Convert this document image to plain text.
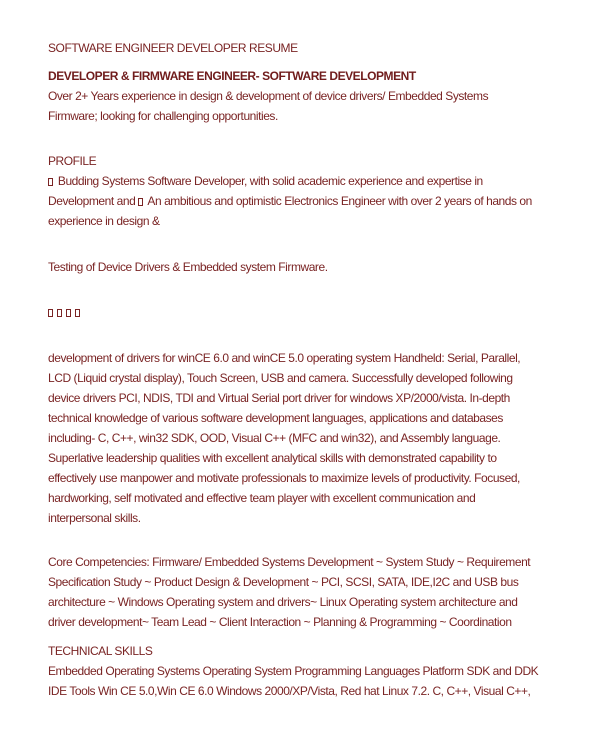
SOFTWARE ENGINEER DEVELOPER RESUME
DEVELOPER & FIRMWARE ENGINEER- SOFTWARE DEVELOPMENT
Over 2+ Years experience in design & development of device drivers/ Embedded Systems
Firmware; looking for challenging opportunities.
PROFILE
Budding Systems Software Developer, with solid academic experience and expertise in
Development and  An ambitious and optimistic Electronics Engineer with over 2 years of hands on
experience in design &
Testing of Device Drivers & Embedded system Firmware.
development of drivers for winCE 6.0 and winCE 5.0 operating system Handheld: Serial, Parallel,
LCD (Liquid crystal display), Touch Screen, USB and camera. Successfully developed following
device drivers PCI, NDIS, TDI and Virtual Serial port driver for windows XP/2000/vista. In-depth
technical knowledge of various software development languages, applications and databases
including- C, C++, win32 SDK, OOD, Visual C++ (MFC and win32), and Assembly language.
Superlative leadership qualities with excellent analytical skills with demonstrated capability to
effectively use manpower and motivate professionals to maximize levels of productivity. Focused,
hardworking, self motivated and effective team player with excellent communication and
interpersonal skills.
Core Competencies: Firmware/ Embedded Systems Development ~ System Study ~ Requirement
Specification Study ~ Product Design & Development ~ PCI, SCSI, SATA, IDE,I2C and USB bus
architecture ~ Windows Operating system and drivers~ Linux Operating system architecture and
driver development~ Team Lead ~ Client Interaction ~ Planning & Programming ~ Coordination
TECHNICAL SKILLS
Embedded Operating Systems Operating System Programming Languages Platform SDK and DDK
IDE Tools Win CE 5.0,Win CE 6.0 Windows 2000/XP/Vista, Red hat Linux 7.2. C, C++, Visual C++,
